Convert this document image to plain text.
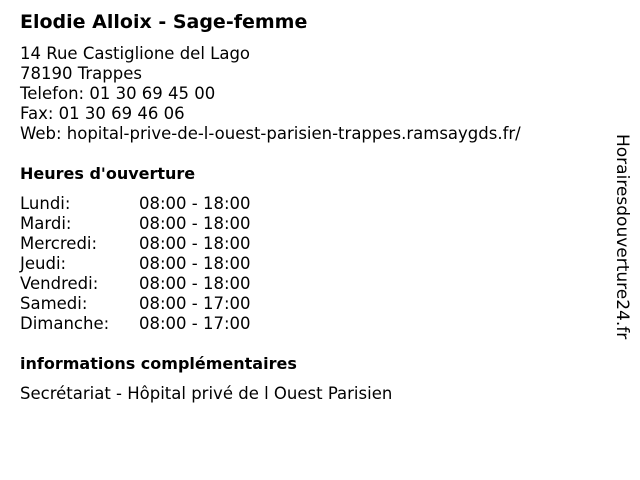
Elodie Alloix - Sage-femme
14 Rue Castiglione del Lago
78190 Trappes
Telefon: 01 30 69 45 00
Fax: 01 30 69 46 06
Web: hopital-prive-de-l-ouest-parisien-trappes.ramsaygds.fr/
Heures d'ouverture
Lundi:	08:00 - 18:00
Mardi:	08:00 - 18:00
Mercredi:	08:00 - 18:00
Jeudi:	08:00 - 18:00
Vendredi: 08:00 - 18:00
Samedi:	08:00 - 17:00
Dimanche: 08:00 - 17:00
informations complémentaires
Secrétariat - Hôpital privé de l Ouest Parisien
Horairesdouverture24.fr
